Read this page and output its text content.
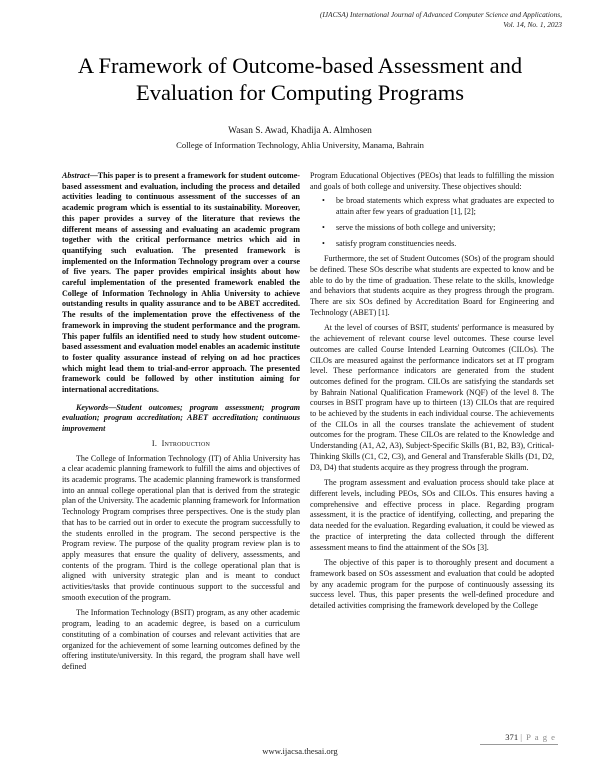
(IJACSA) International Journal of Advanced Computer Science and Applications,
Vol. 14, No. 1, 2023
A Framework of Outcome-based Assessment and
Evaluation for Computing Programs
Wasan S. Awad, Khadija A. Almhosen
College of Information Technology, Ahlia University, Manama, Bahrain

Abstract—This paper is to present a framework for student outcome-based assessment and evaluation, including the process and detailed activities leading to continuous assessment of the successes of an academic program which is essential to its sustainability. Moreover, this paper provides a survey of the literature that reviews the different means of assessing and evaluating an academic program together with the critical performance metrics which aid in quantifying such evaluation. The presented framework is implemented on the Information Technology program over a course of five years. The paper provides empirical insights about how careful implementation of the presented framework enabled the College of Information Technology in Ahlia University to achieve outstanding results in quality assurance and to be ABET accredited. The results of the implementation prove the effectiveness of the framework in improving the student performance and the program. This paper fulfils an identified need to study how student outcome-based assessment and evaluation model enables an academic institute to foster quality assurance instead of relying on ad hoc practices which might lead them to trial-and-error approach. The presented framework could be followed by other institution aiming for international accreditations.

Keywords—Student outcomes; program assessment; program evaluation; program accreditation; ABET accreditation; continuous improvement

I. Introduction

The College of Information Technology (IT) of Ahlia University has a clear academic planning framework to fulfill the aims and objectives of its academic programs. The academic planning framework is transformed into an annual college operational plan that is derived from the strategic plan of the University. The academic planning framework for Information Technology Program comprises three perspectives. One is the study plan that has to be carried out in order to execute the program successfully to the students enrolled in the program. The second perspective is the Program review. The purpose of the quality program review plan is to apply measures that ensure the quality of delivery, assessments, and contents of the program. Third is the college operational plan that is aligned with university strategic plan and is meant to conduct activities/tasks that provide continuous support to the successful and smooth execution of the program.

The Information Technology (BSIT) program, as any other academic program, leading to an academic degree, is based on a curriculum constituting of a combination of courses and relevant activities that are organized for the achievement of some learning outcomes defined by the offering institute/university. In this regard, the program shall have well defined

Program Educational Objectives (PEOs) that leads to fulfilling the mission and goals of both college and university. These objectives should:

• be broad statements which express what graduates are expected to attain after few years of graduation [1], [2];
• serve the missions of both college and university;
• satisfy program constituencies needs.

Furthermore, the set of Student Outcomes (SOs) of the program should be defined. These SOs describe what students are expected to know and be able to do by the time of graduation. These relate to the skills, knowledge and behaviors that students acquire as they progress through the program. There are six SOs defined by Accreditation Board for Engineering and Technology (ABET) [1].

At the level of courses of BSIT, students' performance is measured by the achievement of relevant course level outcomes. These course level outcomes are called Course Intended Learning Outcomes (CILOs). The CILOs are measured against the performance indicators set at IT program level. These performance indicators are generated from the student outcomes defined for the program. CILOs are satisfying the standards set by Bahrain National Qualification Framework (NQF) of the level 8. The courses in BSIT program have up to thirteen (13) CILOs that are required to be achieved by the students in each individual course. The achievements of the CILOs in all the courses translate the achievement of student outcomes for the program. These CILOs are related to the Knowledge and Understanding (A1, A2, A3), Subject-Specific Skills (B1, B2, B3), Critical-Thinking Skills (C1, C2, C3), and General and Transferable Skills (D1, D2, D3, D4) that students acquire as they progress through the program.

The program assessment and evaluation process should take place at different levels, including PEOs, SOs and CILOs. This ensures having a comprehensive and effective process in place. Regarding program assessment, it is the practice of identifying, collecting, and preparing the data needed for the evaluation. Regarding evaluation, it could be viewed as the practice of interpreting the data collected through the different assessment means to find the attainment of the SOs [3].

The objective of this paper is to thoroughly present and document a framework based on SOs assessment and evaluation that could be adopted by any academic program for the purpose of continuously assessing its success level. Thus, this paper presents the well-defined procedure and detailed activities comprising the framework developed by the College

371 | P a g e
www.ijacsa.thesai.org
